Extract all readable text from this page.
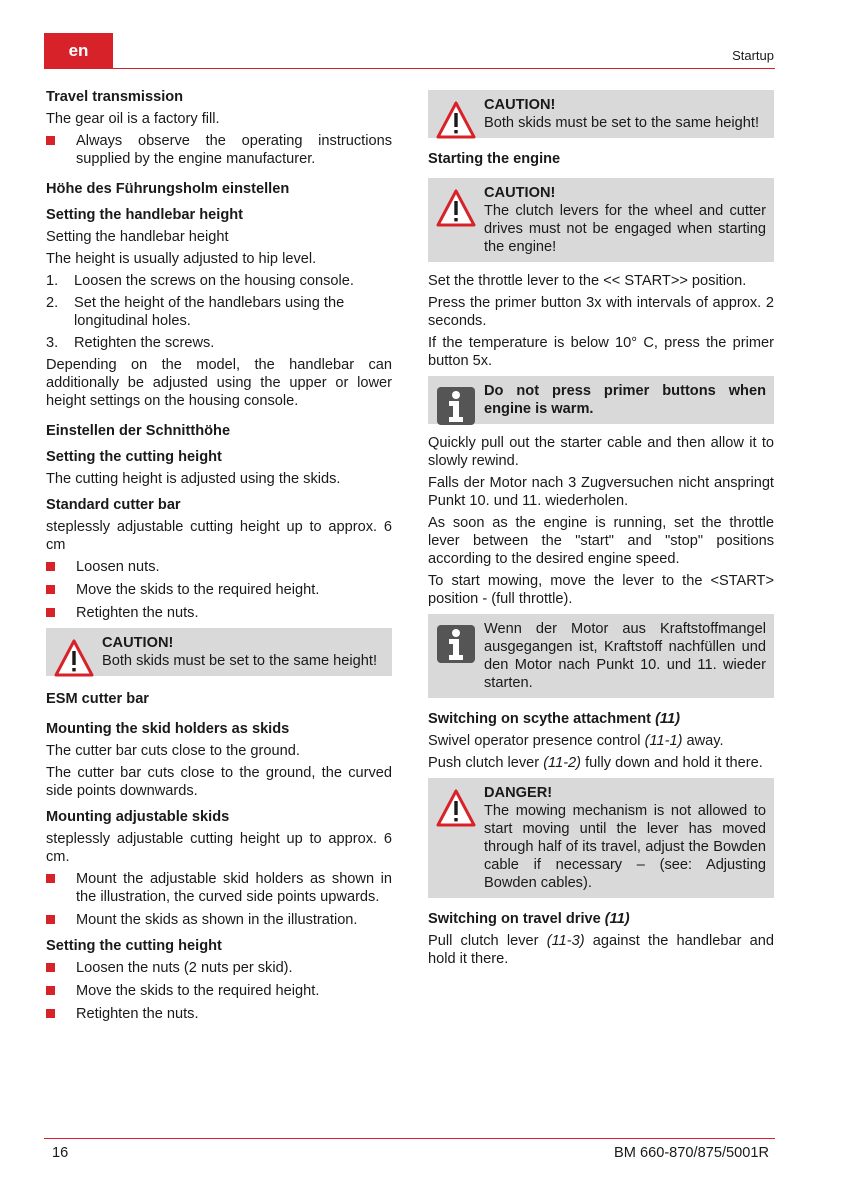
en	Startup
Travel transmission
The gear oil is a factory fill.
Always observe the operating instructions supplied by the engine manufacturer.
Höhe des Führungsholm einstellen
Setting the handlebar height
Setting the handlebar height
The height is usually adjusted to hip level.
1. Loosen the screws on the housing console.
2. Set the height of the handlebars using the longitudinal holes.
3. Retighten the screws.
Depending on the model, the handlebar can additionally be adjusted using the upper or lower height settings on the housing console.
Einstellen der Schnitthöhe
Setting the cutting height
The cutting height is adjusted using the skids.
Standard cutter bar
steplessly adjustable cutting height up to approx. 6 cm
Loosen nuts.
Move the skids to the required height.
Retighten the nuts.
CAUTION!
Both skids must be set to the same height!
ESM cutter bar
Mounting the skid holders as skids
The cutter bar cuts close to the ground.
The cutter bar cuts close to the ground, the curved side points downwards.
Mounting adjustable skids
steplessly adjustable cutting height up to approx. 6 cm.
Mount the adjustable skid holders as shown in the illustration, the curved side points upwards.
Mount the skids as shown in the illustration.
Setting the cutting height
Loosen the nuts (2 nuts per skid).
Move the skids to the required height.
Retighten the nuts.
CAUTION!
Both skids must be set to the same height!
Starting the engine
CAUTION!
The clutch levers for the wheel and cutter drives must not be engaged when starting the engine!
Set the throttle lever to the << START>> position.
Press the primer button 3x with intervals of approx. 2 seconds.
If the temperature is below 10° C, press the primer button 5x.
Do not press primer buttons when engine is warm.
Quickly pull out the starter cable and then allow it to slowly rewind.
Falls der Motor nach 3 Zugversuchen nicht anspringt Punkt 10. und 11. wiederholen.
As soon as the engine is running, set the throttle lever between the "start" and "stop" positions according to the desired engine speed.
To start mowing, move the lever to the <START> position - (full throttle).
Wenn der Motor aus Kraftstoffmangel ausgegangen ist, Kraftstoff nachfüllen und den Motor nach Punkt 10. und 11. wieder starten.
Switching on scythe attachment (11)
Swivel operator presence control (11-1) away.
Push clutch lever (11-2) fully down and hold it there.
DANGER!
The mowing mechanism is not allowed to start moving until the lever has moved through half of its travel, adjust the Bowden cable if necessary – (see: Adjusting Bowden cables).
Switching on travel drive (11)
Pull clutch lever (11-3) against the handlebar and hold it there.
16	BM 660-870/875/5001R
